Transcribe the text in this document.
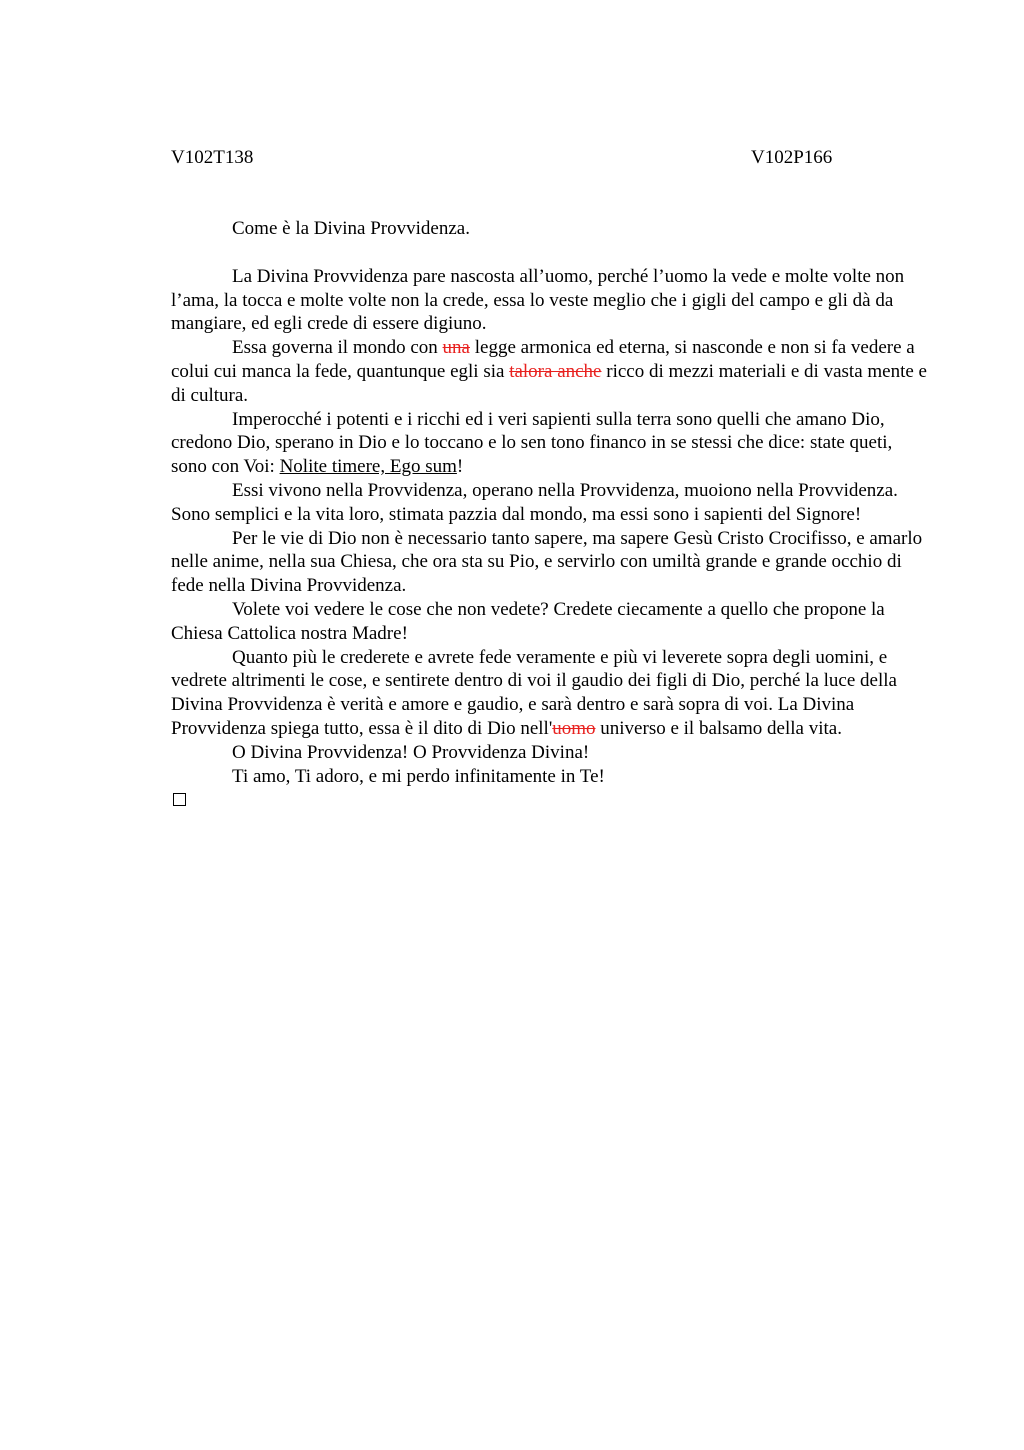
V102T138	V102P166

Come è la Divina Provvidenza.

La Divina Provvidenza pare nascosta all’uomo, perché l’uomo la vede e molte volte non l’ama, la tocca e molte volte non la crede, essa lo veste meglio che i gigli del campo e gli dà da mangiare, ed egli crede di essere digiuno.

Essa governa il mondo con una legge armonica ed eterna, si nasconde e non si fa vedere a colui cui manca la fede, quantunque egli sia talora anche ricco di mezzi materiali e di vasta mente e di cultura.

Imperocché i potenti e i ricchi ed i veri sapienti sulla terra sono quelli che amano Dio, credono Dio, sperano in Dio e lo toccano e lo sen tono financo in se stessi che dice: state queti, sono con Voi: Nolite timere, Ego sum!

Essi vivono nella Provvidenza, operano nella Provvidenza, muoiono nella Provvidenza. Sono semplici e la vita loro, stimata pazzia dal mondo, ma essi sono i sapienti del Signore!

Per le vie di Dio non è necessario tanto sapere, ma sapere Gesù Cristo Crocifisso, e amarlo nelle anime, nella sua Chiesa, che ora sta su Pio, e servirlo con umiltà grande e grande occhio di fede nella Divina Provvidenza.

Volete voi vedere le cose che non vedete? Credete ciecamente a quello che propone la Chiesa Cattolica nostra Madre!

Quanto più le crederete e avrete fede veramente e più vi leverete sopra degli uomini, e vedrete altrimenti le cose, e sentirete dentro di voi il gaudio dei figli di Dio, perché la luce della Divina Provvidenza è verità e amore e gaudio, e sarà dentro e sarà sopra di voi. La Divina Provvidenza spiega tutto, essa è il dito di Dio nell'uomo universo e il balsamo della vita.

O Divina Provvidenza! O Provvidenza Divina!

Ti amo, Ti adoro, e mi perdo infinitamente in Te!
